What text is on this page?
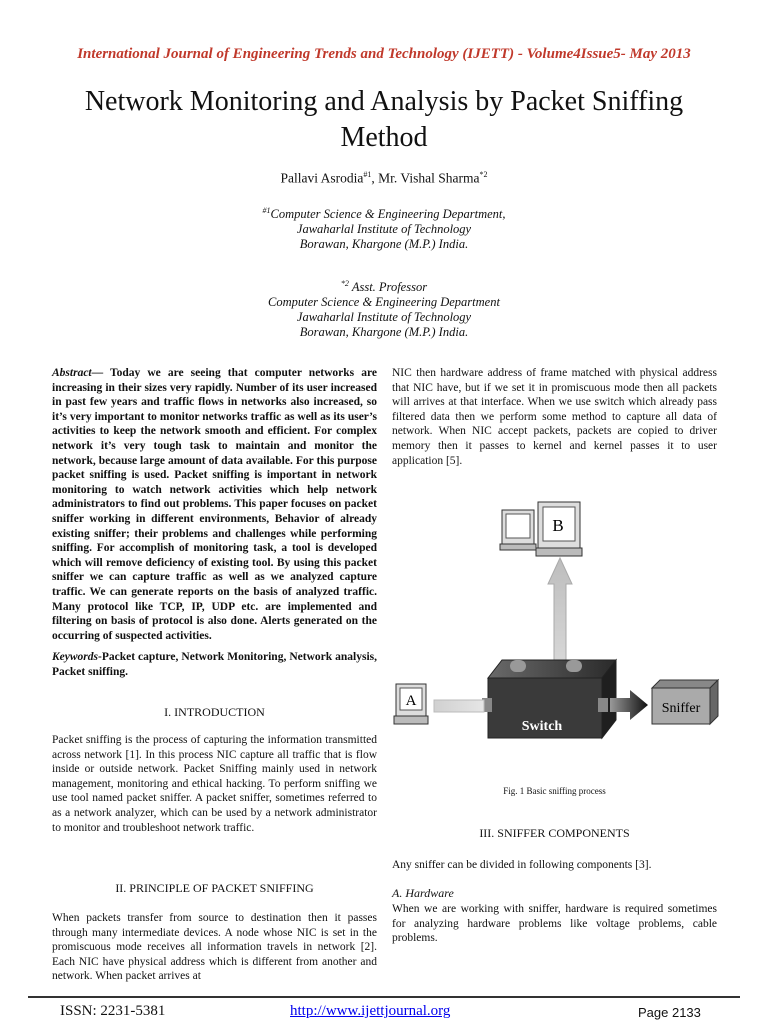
International Journal of Engineering Trends and Technology (IJETT) - Volume4Issue5- May 2013
Network Monitoring and Analysis by Packet Sniffing Method
Pallavi Asrodia$^{\#1}$, Mr. Vishal Sharma$^{*2}$
$^{\#1}$Computer Science & Engineering Department,
Jawaharlal Institute of Technology
Borawan, Khargone (M.P.) India.
$^{*2}$ Asst. Professor
Computer Science & Engineering Department
Jawaharlal Institute of Technology
Borawan, Khargone (M.P.) India.
Abstract— Today we are seeing that computer networks are increasing in their sizes very rapidly. Number of its user increased in past few years and traffic flows in networks also increased, so it’s very important to monitor networks traffic as well as its user’s activities to keep the network smooth and efficient. For complex network it’s very tough task to maintain and monitor the network, because large amount of data available. For this purpose packet sniffing is used. Packet sniffing is important in network monitoring to watch network activities which help network administrators to find out problems. This paper focuses on packet sniffer working in different environments, Behavior of already existing sniffer; their problems and challenges while performing sniffing. For accomplish of monitoring task, a tool is developed which will remove deficiency of existing tool. By using this packet sniffer we can capture traffic as well as we analyzed capture traffic. We can generate reports on the basis of analyzed traffic. Many protocol like TCP, IP, UDP etc. are implemented and filtering on basis of protocol is also done. Alerts generated on the occurring of suspected activities.
Keywords-Packet capture, Network Monitoring, Network analysis, Packet sniffing.
I. INTRODUCTION
Packet sniffing is the process of capturing the information transmitted across network [1]. In this process NIC capture all traffic that is flow inside or outside network. Packet Sniffing mainly used in network management, monitoring and ethical hacking. To perform sniffing we use tool named packet sniffer. A packet sniffer, sometimes referred to as a network analyzer, which can be used by a network administrator to monitor and troubleshoot network traffic.
II. PRINCIPLE OF PACKET SNIFFING
When packets transfer from source to destination then it passes through many intermediate devices. A node whose NIC is set in the promiscuous mode receives all information travels in network [2]. Each NIC have physical address which is different from another and network. When packet arrives at
NIC then hardware address of frame matched with physical address that NIC have, but if we set it in promiscuous mode then all packets will arrives at that interface. When we use switch which already pass filtered data then we perform some method to capture all data of network. When NIC accept packets, packets are copied to driver memory then it passes to kernel and kernel passes it to user application [5].
B
Switch
A	Sniffer
Fig. 1 Basic sniffing process
III. SNIFFER COMPONENTS
Any sniffer can be divided in following components [3].
A. Hardware
When we are working with sniffer, hardware is required sometimes for analyzing hardware problems like voltage problems, cable problems.
ISSN: 2231-5381	http://www.ijettjournal.org	Page 2133
